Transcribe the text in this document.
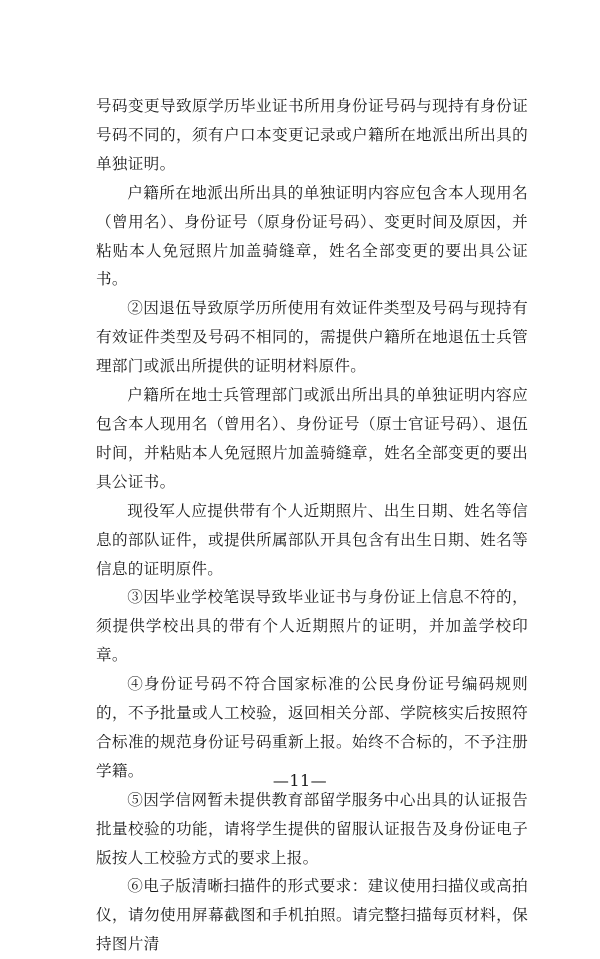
号码变更导致原学历毕业证书所用身份证号码与现持有身份证号码不同的，须有户口本变更记录或户籍所在地派出所出具的单独证明。

户籍所在地派出所出具的单独证明内容应包含本人现用名（曾用名）、身份证号（原身份证号码）、变更时间及原因，并粘贴本人免冠照片加盖骑缝章，姓名全部变更的要出具公证书。

②因退伍导致原学历所使用有效证件类型及号码与现持有有效证件类型及号码不相同的，需提供户籍所在地退伍士兵管理部门或派出所提供的证明材料原件。

户籍所在地士兵管理部门或派出所出具的单独证明内容应包含本人现用名（曾用名）、身份证号（原士官证号码）、退伍时间，并粘贴本人免冠照片加盖骑缝章，姓名全部变更的要出具公证书。

现役军人应提供带有个人近期照片、出生日期、姓名等信息的部队证件，或提供所属部队开具包含有出生日期、姓名等信息的证明原件。

③因毕业学校笔误导致毕业证书与身份证上信息不符的，须提供学校出具的带有个人近期照片的证明，并加盖学校印章。

④身份证号码不符合国家标准的公民身份证号编码规则的，不予批量或人工校验，返回相关分部、学院核实后按照符合标准的规范身份证号码重新上报。始终不合标的，不予注册学籍。

⑤因学信网暂未提供教育部留学服务中心出具的认证报告批量校验的功能，请将学生提供的留服认证报告及身份证电子版按人工校验方式的要求上报。

⑥电子版清晰扫描件的形式要求：建议使用扫描仪或高拍仪，请勿使用屏幕截图和手机拍照。请完整扫描每页材料，保持图片清

—11—
